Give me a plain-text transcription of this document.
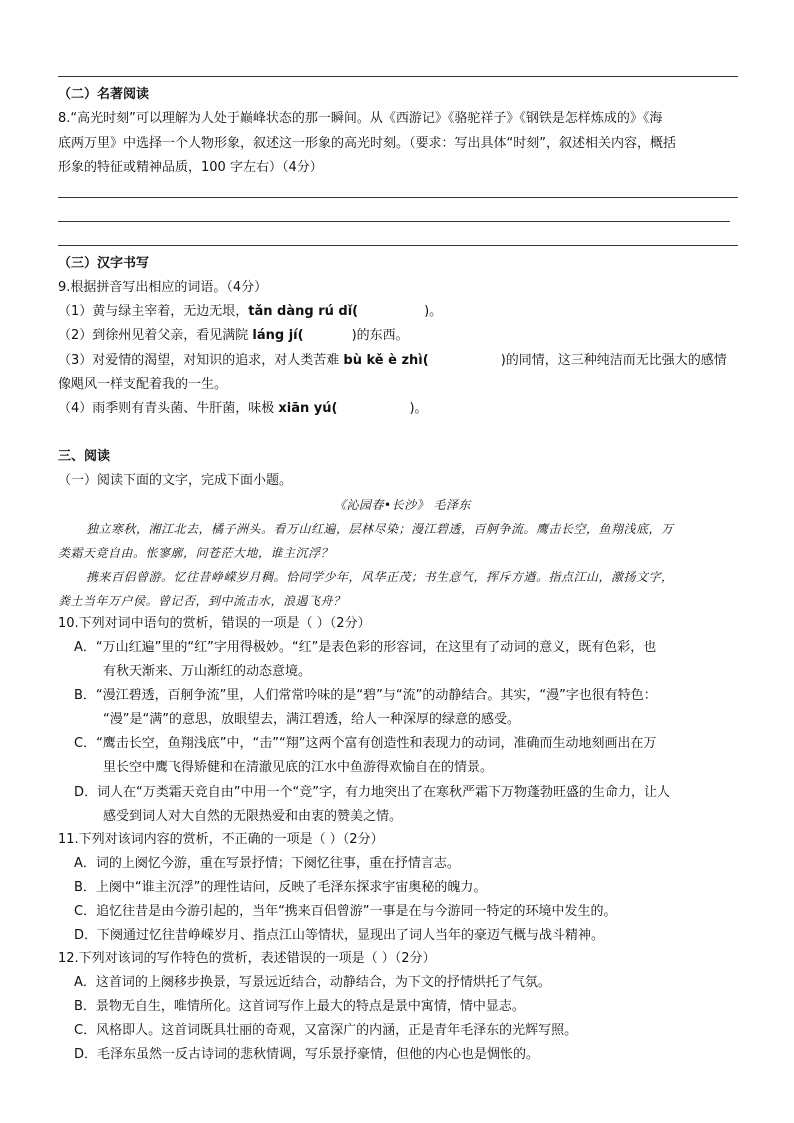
（二）名著阅读
8.“高光时刻”可以理解为人处于巅峰状态的那一瞬间。从《西游记》《骆驼祥子》《钢铁是怎样炼成的》《海
底两万里》中选择一个人物形象，叙述这一形象的高光时刻。（要求：写出具体“时刻”，叙述相关内容，概括
形象的特征或精神品质，100 字左右）（4分）
（三）汉字书写
9.根据拼音写出相应的词语。（4分）
（1）黄与绿主宰着，无边无垠，tǎn dàng rú dǐ(	)。
（2）到徐州见着父亲，看见满院 láng jí(	)的东西。
（3）对爱情的渴望，对知识的追求，对人类苦难 bù kě è zhì(	)的同情，这三种纯洁而无比强大的感情
像飓风一样支配着我的一生。
（4）雨季则有青头菌、牛肝菌，味极 xiān yú(	)。
三、阅读
（一）阅读下面的文字，完成下面小题。
《沁园春•长沙》 毛泽东
独立寒秋，湘江北去，橘子洲头。看万山红遍，层林尽染；漫江碧透，百舸争流。鹰击长空，鱼翔浅底，万
类霜天竞自由。怅寥廓，问苍茫大地，谁主沉浮？
携来百侣曾游。忆往昔峥嵘岁月稠。恰同学少年，风华正茂；书生意气，挥斥方遒。指点江山，激扬文字，
粪土当年万户侯。曾记否，到中流击水，浪遏飞舟？
10.下列对词中语句的赏析，错误的一项是（ ）（2分）
A．“万山红遍”里的“红”字用得极妙。“红”是表色彩的形容词，在这里有了动词的意义，既有色彩，也
有秋天渐来、万山渐红的动态意境。
B．“漫江碧透，百舸争流”里，人们常常吟味的是“碧”与“流”的动静结合。其实，“漫”字也很有特色：
“漫”是“满”的意思，放眼望去，满江碧透，给人一种深厚的绿意的感受。
C．“鹰击长空，鱼翔浅底”中，“击”“翔”这两个富有创造性和表现力的动词，准确而生动地刻画出在万
里长空中鹰飞得矫健和在清澈见底的江水中鱼游得欢愉自在的情景。
D．词人在“万类霜天竞自由”中用一个“竞”字，有力地突出了在寒秋严霜下万物蓬勃旺盛的生命力，让人
感受到词人对大自然的无限热爱和由衷的赞美之情。
11.下列对该词内容的赏析，不正确的一项是（ ）（2分）
A．词的上阕忆今游，重在写景抒情；下阕忆往事，重在抒情言志。
B．上阕中“谁主沉浮”的理性诘问，反映了毛泽东探求宇宙奥秘的魄力。
C．追忆往昔是由今游引起的，当年“携来百侣曾游”一事是在与今游同一特定的环境中发生的。
D．下阕通过忆往昔峥嵘岁月、指点江山等情状，显现出了词人当年的豪迈气概与战斗精神。
12.下列对该词的写作特色的赏析，表述错误的一项是（ ）（2分）
A．这首词的上阕移步换景，写景远近结合，动静结合，为下文的抒情烘托了气氛。
B．景物无自生，唯情所化。这首词写作上最大的特点是景中寓情，情中显志。
C．风格即人。这首词既具壮丽的奇观，又富深广的内涵，正是青年毛泽东的光辉写照。
D．毛泽东虽然一反古诗词的悲秋情调，写乐景抒豪情，但他的内心也是惆怅的。
